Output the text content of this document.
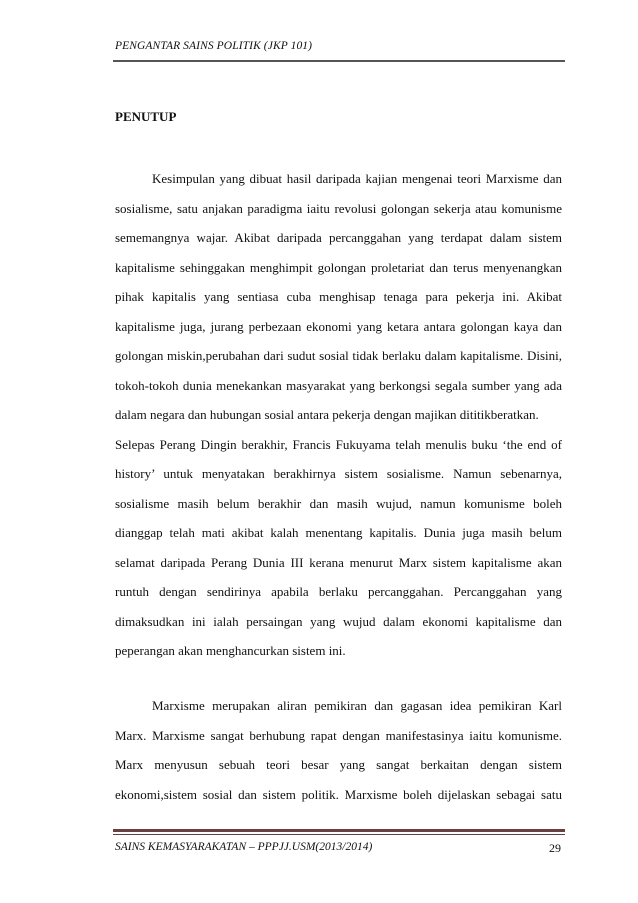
PENGANTAR SAINS POLITIK (JKP 101)
PENUTUP

Kesimpulan yang dibuat hasil daripada kajian mengenai teori Marxisme dan
sosialisme, satu anjakan paradigma iaitu revolusi golongan sekerja atau komunisme
sememangnya wajar. Akibat daripada percanggahan yang terdapat dalam sistem
kapitalisme sehinggakan menghimpit golongan proletariat dan terus menyenangkan
pihak kapitalis yang sentiasa cuba menghisap tenaga para pekerja ini. Akibat
kapitalisme juga, jurang perbezaan ekonomi yang ketara antara golongan kaya dan
golongan miskin,perubahan dari sudut sosial tidak berlaku dalam kapitalisme. Disini,
tokoh-tokoh dunia menekankan masyarakat yang berkongsi segala sumber yang ada
dalam negara dan hubungan sosial antara pekerja dengan majikan dititikberatkan.
Selepas Perang Dingin berakhir, Francis Fukuyama telah menulis buku ‘the end of
history’ untuk menyatakan berakhirnya sistem sosialisme. Namun sebenarnya,
sosialisme masih belum berakhir dan masih wujud, namun komunisme boleh
dianggap telah mati akibat kalah menentang kapitalis. Dunia juga masih belum
selamat daripada Perang Dunia III kerana menurut Marx sistem kapitalisme akan
runtuh dengan sendirinya apabila berlaku percanggahan. Percanggahan yang
dimaksudkan ini ialah persaingan yang wujud dalam ekonomi kapitalisme dan
peperangan akan menghancurkan sistem ini.

Marxisme merupakan aliran pemikiran dan gagasan idea pemikiran Karl
Marx. Marxisme sangat berhubung rapat dengan manifestasinya iaitu komunisme.
Marx menyusun sebuah teori besar yang sangat berkaitan dengan sistem
ekonomi,sistem sosial dan sistem politik. Marxisme boleh dijelaskan sebagai satu

SAINS KEMASYARAKATAN – PPPJJ.USM(2013/2014)	29
